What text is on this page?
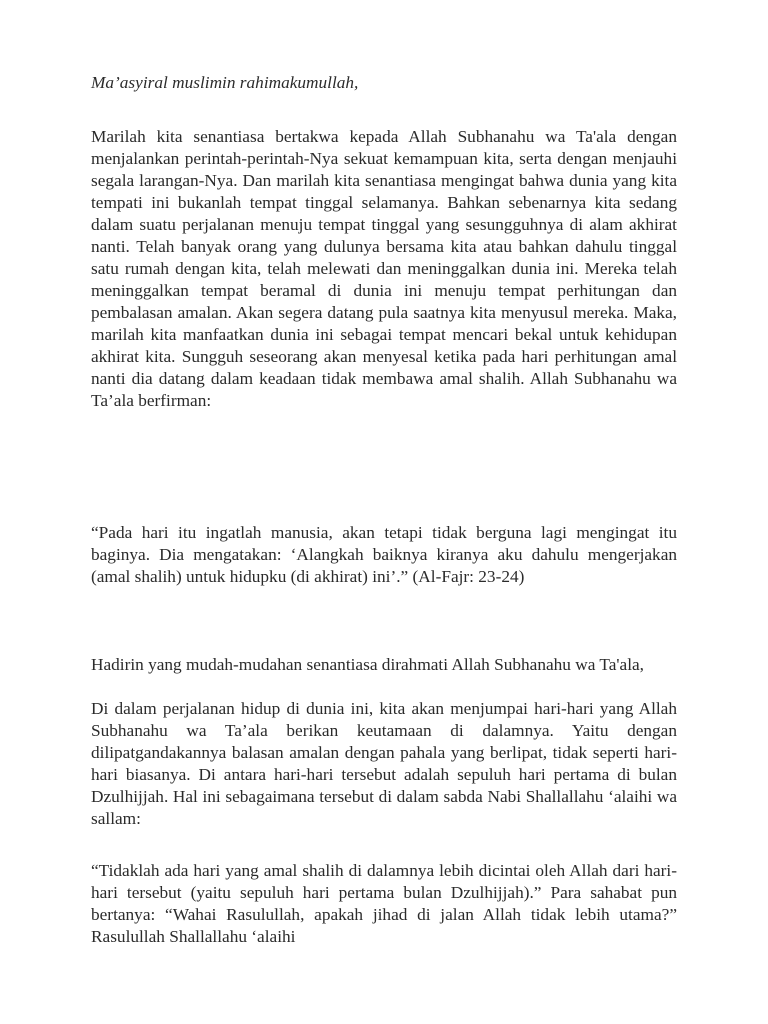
Ma’asyiral muslimin rahimakumullah,

Marilah kita senantiasa bertakwa kepada Allah Subhanahu wa Ta'ala dengan menjalankan perintah-perintah-Nya sekuat kemampuan kita, serta dengan menjauhi segala larangan-Nya. Dan marilah kita senantiasa mengingat bahwa dunia yang kita tempati ini bukanlah tempat tinggal selamanya. Bahkan sebenarnya kita sedang dalam suatu perjalanan menuju tempat tinggal yang sesungguhnya di alam akhirat nanti. Telah banyak orang yang dulunya bersama kita atau bahkan dahulu tinggal satu rumah dengan kita, telah melewati dan meninggalkan dunia ini. Mereka telah meninggalkan tempat beramal di dunia ini menuju tempat perhitungan dan pembalasan amalan. Akan segera datang pula saatnya kita menyusul mereka. Maka, marilah kita manfaatkan dunia ini sebagai tempat mencari bekal untuk kehidupan akhirat kita. Sungguh seseorang akan menyesal ketika pada hari perhitungan amal nanti dia datang dalam keadaan tidak membawa amal shalih. Allah Subhanahu wa Ta’ala berfirman:

“Pada hari itu ingatlah manusia, akan tetapi tidak berguna lagi mengingat itu baginya. Dia mengatakan: ‘Alangkah baiknya kiranya aku dahulu mengerjakan (amal shalih) untuk hidupku (di akhirat) ini’.” (Al-Fajr: 23-24)

Hadirin yang mudah-mudahan senantiasa dirahmati Allah Subhanahu wa Ta'ala,

Di dalam perjalanan hidup di dunia ini, kita akan menjumpai hari-hari yang Allah Subhanahu wa Ta’ala berikan keutamaan di dalamnya. Yaitu dengan dilipatgandakannya balasan amalan dengan pahala yang berlipat, tidak seperti hari-hari biasanya. Di antara hari-hari tersebut adalah sepuluh hari pertama di bulan Dzulhijjah. Hal ini sebagaimana tersebut di dalam sabda Nabi Shallallahu ‘alaihi wa sallam:

“Tidaklah ada hari yang amal shalih di dalamnya lebih dicintai oleh Allah dari hari-hari tersebut (yaitu sepuluh hari pertama bulan Dzulhijjah).” Para sahabat pun bertanya: “Wahai Rasulullah, apakah jihad di jalan Allah tidak lebih utama?” Rasulullah Shallallahu ‘alaihi
